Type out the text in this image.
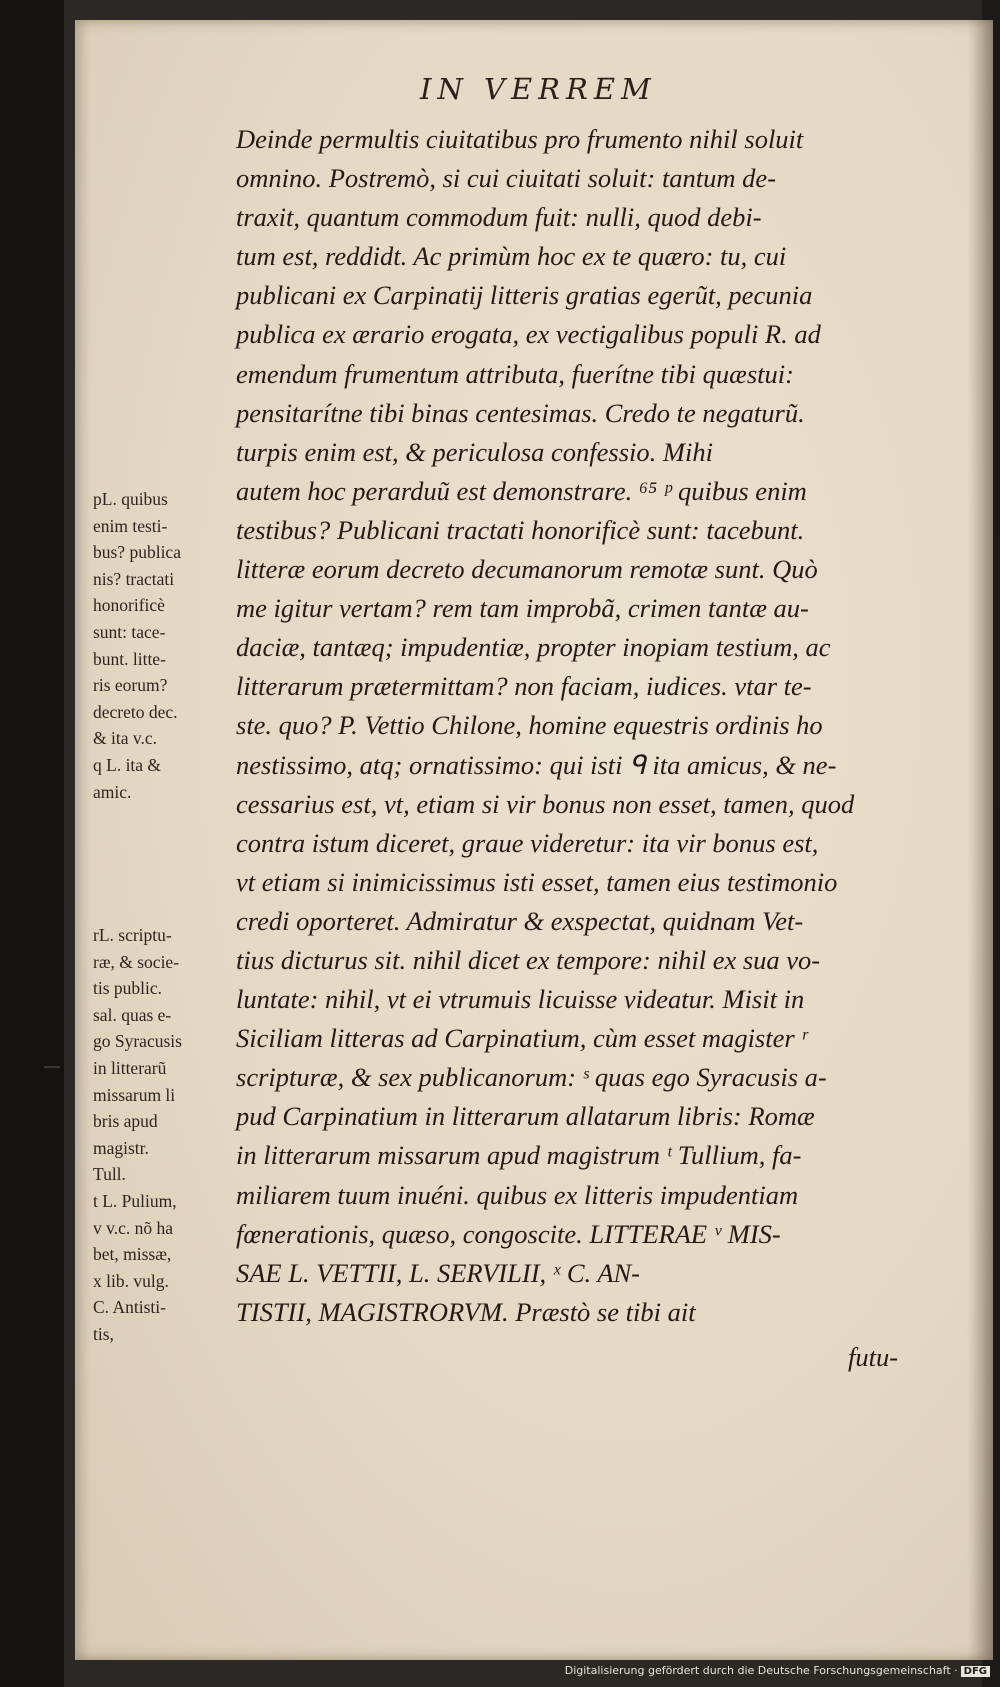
IN VERREM
Deinde permultis ciuitatibus pro frumento nihil soluit
omnino. Postremò, si cui ciuitati soluit: tantum de-
traxit, quantum commodum fuit: nulli, quod debi-
tum est, reddidt. Ac primùm hoc ex te quæro: tu, cui
publicani ex Carpinatij litteris gratias egerũt, pecunia
publica ex ærario erogata, ex vectigalibus populi R. ad
emendum frumentum attributa, fuerítne tibi quæstui:
pensitarítne tibi binas centesimas. Credo te negaturũ.
turpis enim est, & periculosa confessio. Mihi
autem hoc perarduũ est demonstrare. ⁶⁵ ᵖ quibus enim
testibus? Publicani tractati honorificè sunt: tacebunt.
litteræ eorum decreto decumanorum remotæ sunt. Quò
me igitur vertam? rem tam improbã, crimen tantæ au-
daciæ, tantæq; impudentiæ, propter inopiam testium, ac
litterarum prætermittam? non faciam, iudices. vtar te-
ste. quo? P. Vettio Chilone, homine equestris ordinis ho
nestissimo, atq; ornatissimo: qui isti ᑫ ita amicus, & ne-
cessarius est, vt, etiam si vir bonus non esset, tamen, quod
contra istum diceret, graue videretur: ita vir bonus est,
vt etiam si inimicissimus isti esset, tamen eius testimonio
credi oporteret. Admiratur & exspectat, quidnam Vet-
tius dicturus sit. nihil dicet ex tempore: nihil ex sua vo-
luntate: nihil, vt ei vtrumuis licuisse videatur. Misit in
Siciliam litteras ad Carpinatium, cùm esset magister ʳ
scripturæ, & sex publicanorum: ˢ quas ego Syracusis a-
pud Carpinatium in litterarum allatarum libris: Romæ
in litterarum missarum apud magistrum ᵗ Tullium, fa-
miliarem tuum inuéni. quibus ex litteris impudentiam
fœnerationis, quæso, congoscite. LITTERAE ᵛ MIS-
SAE L. VETTII, L. SERVILII, ˣ C. AN-
TISTII, MAGISTRORVM. Præstò se tibi ait
pL. quibus
enim testi-
bus? publica
nis? tractati
honorificè
sunt: tace-
bunt. litte-
ris eorum?
decreto dec.
& ita v.c.
q L. ita &
amic.
rL. scriptu-
ræ, & socie-
tis public.
sal. quas e-
go Syracusis
in litterarũ
missarum li
bris apud
magistr.
Tull.
t L. Pulium,
v v.c. nõ ha
bet, missæ,
x lib. vulg.
C. Antisti-
tis,
futu-
Digitalisierung gefördert durch die Deutsche Forschungsgemeinschaft · DFG
